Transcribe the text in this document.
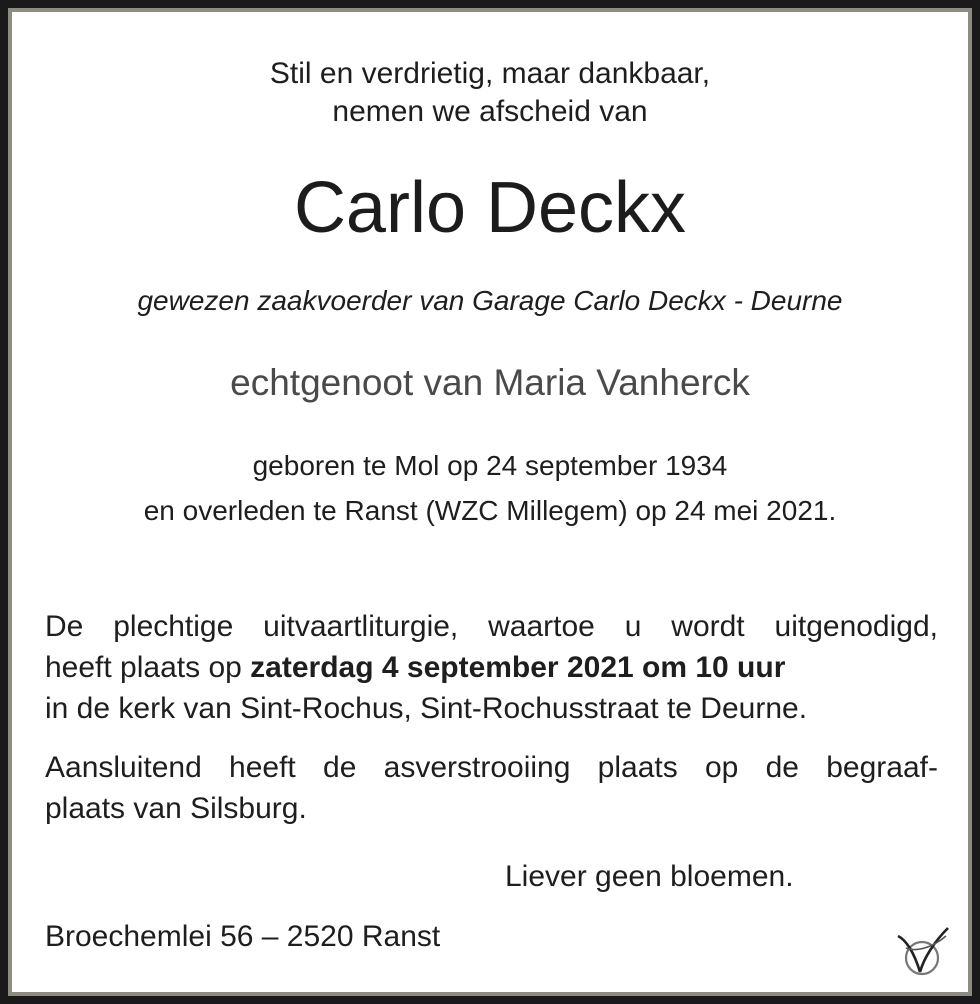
Stil en verdrietig, maar dankbaar,
nemen we afscheid van
Carlo Deckx
gewezen zaakvoerder van Garage Carlo Deckx - Deurne
echtgenoot van Maria Vanherck
geboren te Mol op 24 september 1934
en overleden te Ranst (WZC Millegem) op 24 mei 2021.
De plechtige uitvaartliturgie, waartoe u wordt uitgenodigd,
heeft plaats op zaterdag 4 september 2021 om 10 uur
in de kerk van Sint-Rochus, Sint-Rochusstraat te Deurne.
Aansluitend heeft de asverstrooiing plaats op de begraaf-
plaats van Silsburg.
Liever geen bloemen.
Broechemlei 56 – 2520 Ranst
